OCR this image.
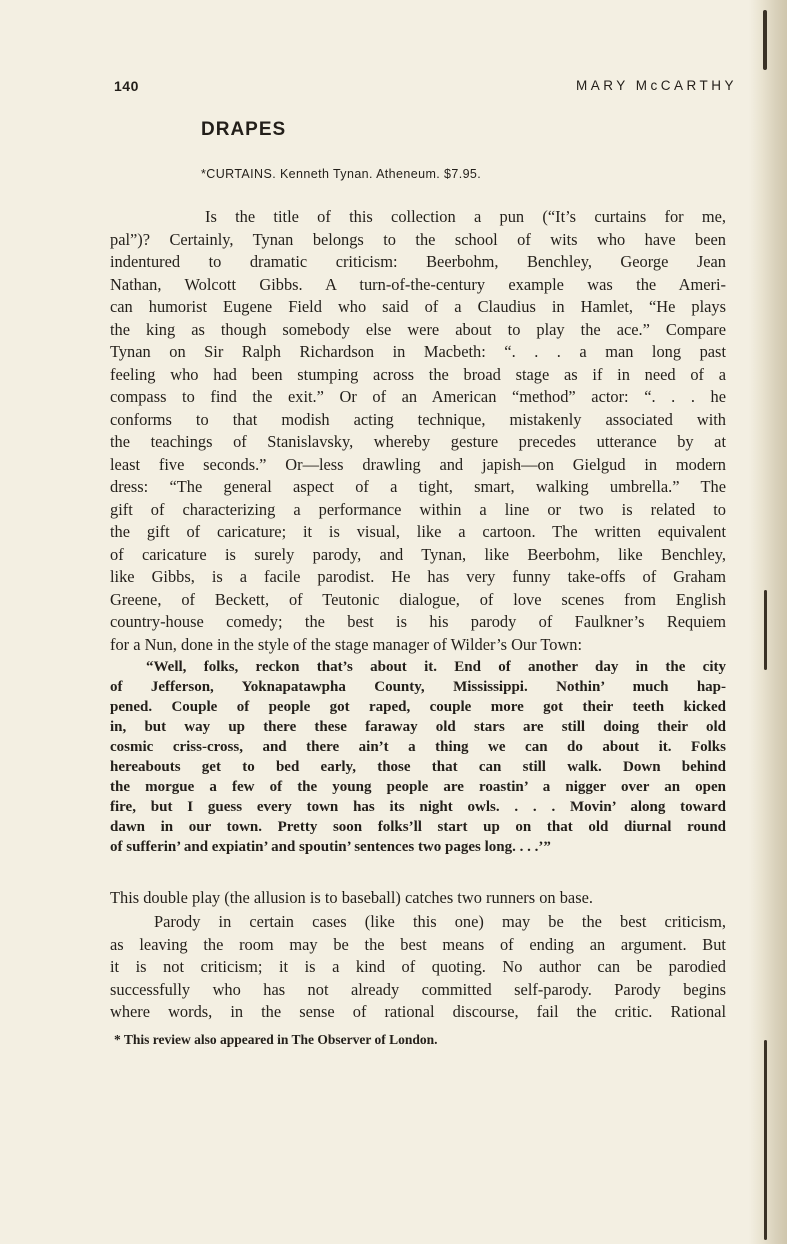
140	MARY McCARTHY
DRAPES
*CURTAINS. Kenneth Tynan. Atheneum. $7.95.
Is the title of this collection a pun (“It’s curtains for me,
pal”)? Certainly, Tynan belongs to the school of wits who have been
indentured to dramatic criticism: Beerbohm, Benchley, George Jean
Nathan, Wolcott Gibbs. A turn-of-the-century example was the Ameri-
can humorist Eugene Field who said of a Claudius in Hamlet, “He plays
the king as though somebody else were about to play the ace.” Compare
Tynan on Sir Ralph Richardson in Macbeth: “. . . a man long past
feeling who had been stumping across the broad stage as if in need of a
compass to find the exit.” Or of an American “method” actor: “. . . he
conforms to that modish acting technique, mistakenly associated with
the teachings of Stanislavsky, whereby gesture precedes utterance by at
least five seconds.” Or—less drawling and japish—on Gielgud in modern
dress: “The general aspect of a tight, smart, walking umbrella.” The
gift of characterizing a performance within a line or two is related to
the gift of caricature; it is visual, like a cartoon. The written equivalent
of caricature is surely parody, and Tynan, like Beerbohm, like Benchley,
like Gibbs, is a facile parodist. He has very funny take-offs of Graham
Greene, of Beckett, of Teutonic dialogue, of love scenes from English
country-house comedy; the best is his parody of Faulkner’s Requiem
for a Nun, done in the style of the stage manager of Wilder’s Our Town:
“Well, folks, reckon that’s about it. End of another day in the city
of Jefferson, Yoknapatawpha County, Mississippi. Nothin’ much hap-
pened. Couple of people got raped, couple more got their teeth kicked
in, but way up there these faraway old stars are still doing their old
cosmic criss-cross, and there ain’t a thing we can do about it. Folks
hereabouts get to bed early, those that can still walk. Down behind
the morgue a few of the young people are roastin’ a nigger over an open
fire, but I guess every town has its night owls. . . . Movin’ along toward
dawn in our town. Pretty soon folks’ll start up on that old diurnal round
of sufferin’ and expiatin’ and spoutin’ sentences two pages long. . . .’”
This double play (the allusion is to baseball) catches two runners on base.
Parody in certain cases (like this one) may be the best criticism,
as leaving the room may be the best means of ending an argument. But
it is not criticism; it is a kind of quoting. No author can be parodied
successfully who has not already committed self-parody. Parody begins
where words, in the sense of rational discourse, fail the critic. Rational
* This review also appeared in The Observer of London.
